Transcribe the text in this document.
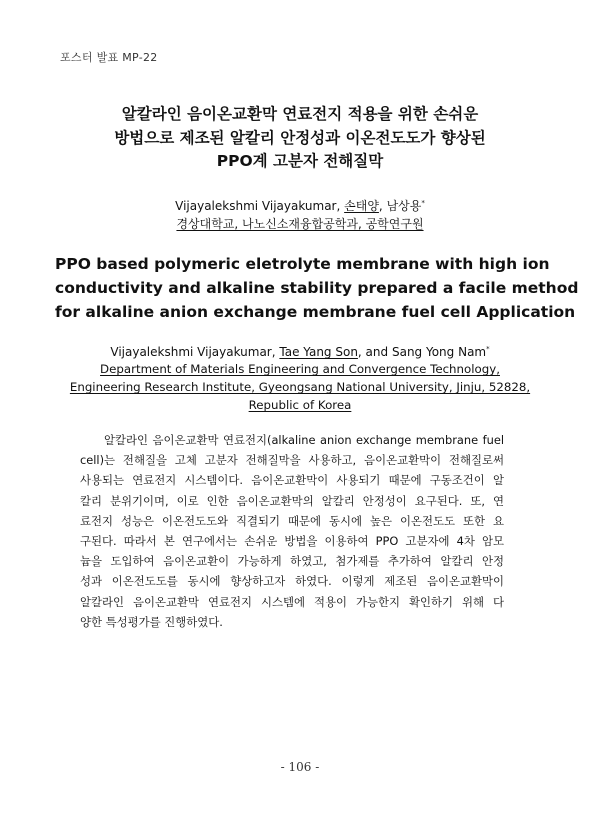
포스터 발표 MP-22
알칼라인 음이온교환막 연료전지 적용을 위한 손쉬운
방법으로 제조된 알칼리 안정성과 이온전도도가 향상된
PPO계 고분자 전해질막
Vijayalekshmi Vijayakumar, 손태양, 남상용*
경상대학교, 나노신소재융합공학과, 공학연구원
PPO based polymeric eletrolyte membrane with high ion
conductivity and alkaline stability prepared a facile method
for alkaline anion exchange membrane fuel cell Application
Vijayalekshmi Vijayakumar, Tae Yang Son, and Sang Yong Nam*
Department of Materials Engineering and Convergence Technology,
Engineering Research Institute, Gyeongsang National University, Jinju, 52828,
Republic of Korea
알칼라인 음이온교환막 연료전지(alkaline anion exchange membrane fuel
cell)는 전해질을 고체 고분자 전해질막을 사용하고, 음이온교환막이 전해질로써
사용되는 연료전지 시스템이다. 음이온교환막이 사용되기 때문에 구동조건이 알
칼리 분위기이며, 이로 인한 음이온교환막의 알칼리 안정성이 요구된다. 또, 연
료전지 성능은 이온전도도와 직결되기 때문에 동시에 높은 이온전도도 또한 요
구된다. 따라서 본 연구에서는 손쉬운 방법을 이용하여 PPO 고분자에 4차 암모
늄을 도입하여 음이온교환이 가능하게 하였고, 첨가제를 추가하여 알칼리 안정
성과 이온전도도를 동시에 향상하고자 하였다. 이렇게 제조된 음이온교환막이
알칼라인 음이온교환막 연료전지 시스템에 적용이 가능한지 확인하기 위해 다
양한 특성평가를 진행하였다.
- 106 -
